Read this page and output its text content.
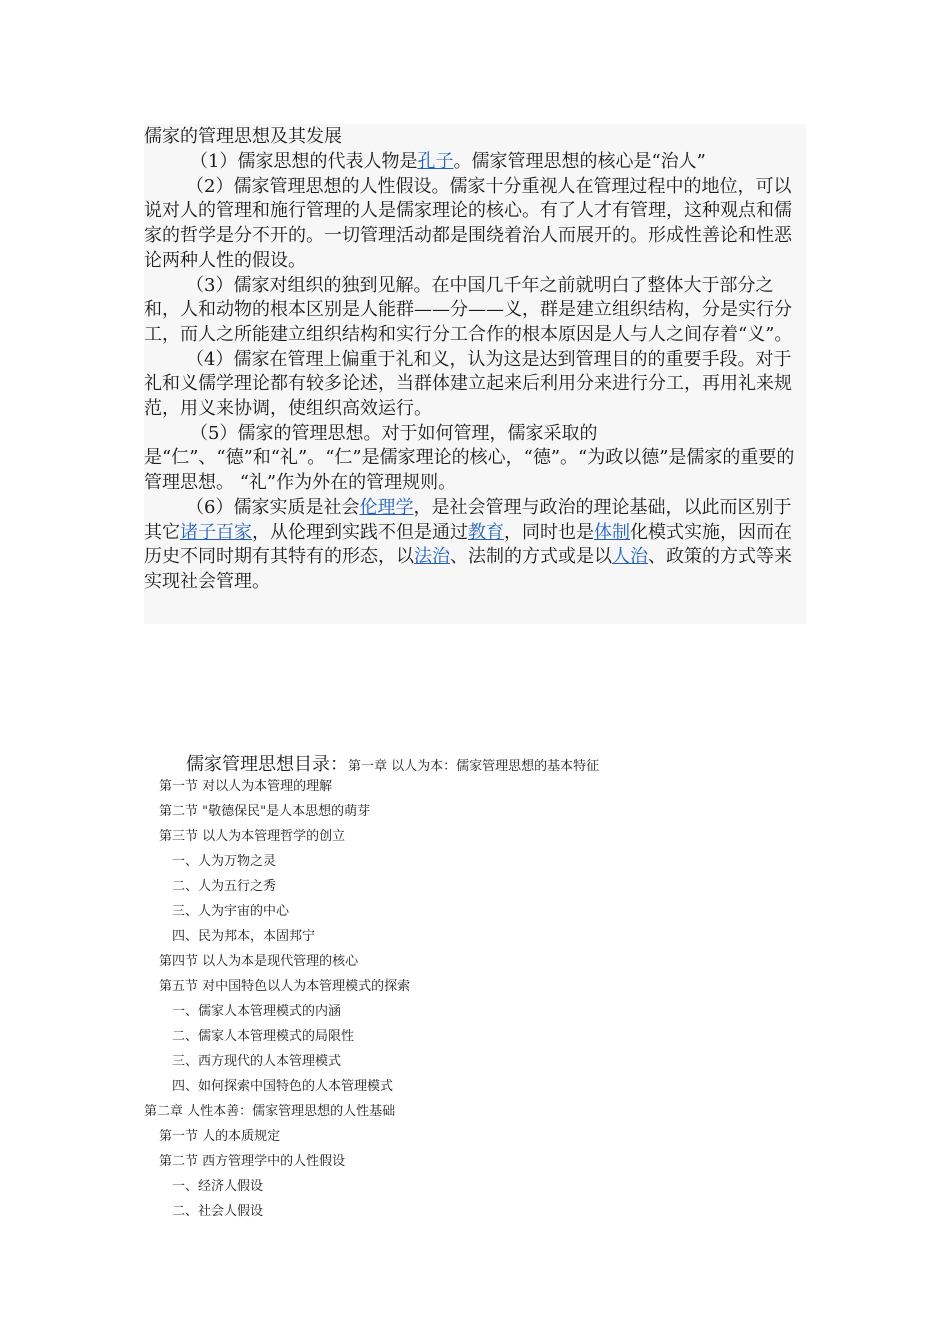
儒家的管理思想及其发展

（1）儒家思想的代表人物是孔子。儒家管理思想的核心是“治人”

（2）儒家管理思想的人性假设。儒家十分重视人在管理过程中的地位，可以说对人的管理和施行管理的人是儒家理论的核心。有了人才有管理，这种观点和儒家的哲学是分不开的。一切管理活动都是围绕着治人而展开的。形成性善论和性恶论两种人性的假设。

（3）儒家对组织的独到见解。在中国几千年之前就明白了整体大于部分之和，人和动物的根本区别是人能群——分——义，群是建立组织结构，分是实行分工，而人之所能建立组织结构和实行分工合作的根本原因是人与人之间存着“义”。

（4）儒家在管理上偏重于礼和义，认为这是达到管理目的的重要手段。对于礼和义儒学理论都有较多论述，当群体建立起来后利用分来进行分工，再用礼来规范，用义来协调，使组织高效运行。

（5）儒家的管理思想。对于如何管理，儒家采取的是“仁”、“德”和“礼”。“仁”是儒家理论的核心，“德”。“为政以德”是儒家的重要的管理思想。 “礼”作为外在的管理规则。

（6）儒家实质是社会伦理学，是社会管理与政治的理论基础，以此而区别于其它诸子百家，从伦理到实践不但是通过教育，同时也是体制化模式实施，因而在历史不同时期有其特有的形态，以法治、法制的方式或是以人治、政策的方式等来实现社会管理。

儒家管理思想目录：第一章 以人为本：儒家管理思想的基本特征
第一节 对以人为本管理的理解
第二节 "敬德保民"是人本思想的萌芽
第三节 以人为本管理哲学的创立
一、人为万物之灵
二、人为五行之秀
三、人为宇宙的中心
四、民为邦本，本固邦宁
第四节 以人为本是现代管理的核心
第五节 对中国特色以人为本管理模式的探索
一、儒家人本管理模式的内涵
二、儒家人本管理模式的局限性
三、西方现代的人本管理模式
四、如何探索中国特色的人本管理模式
第二章 人性本善：儒家管理思想的人性基础
第一节 人的本质规定
第二节 西方管理学中的人性假设
一、经济人假设
二、社会人假设
